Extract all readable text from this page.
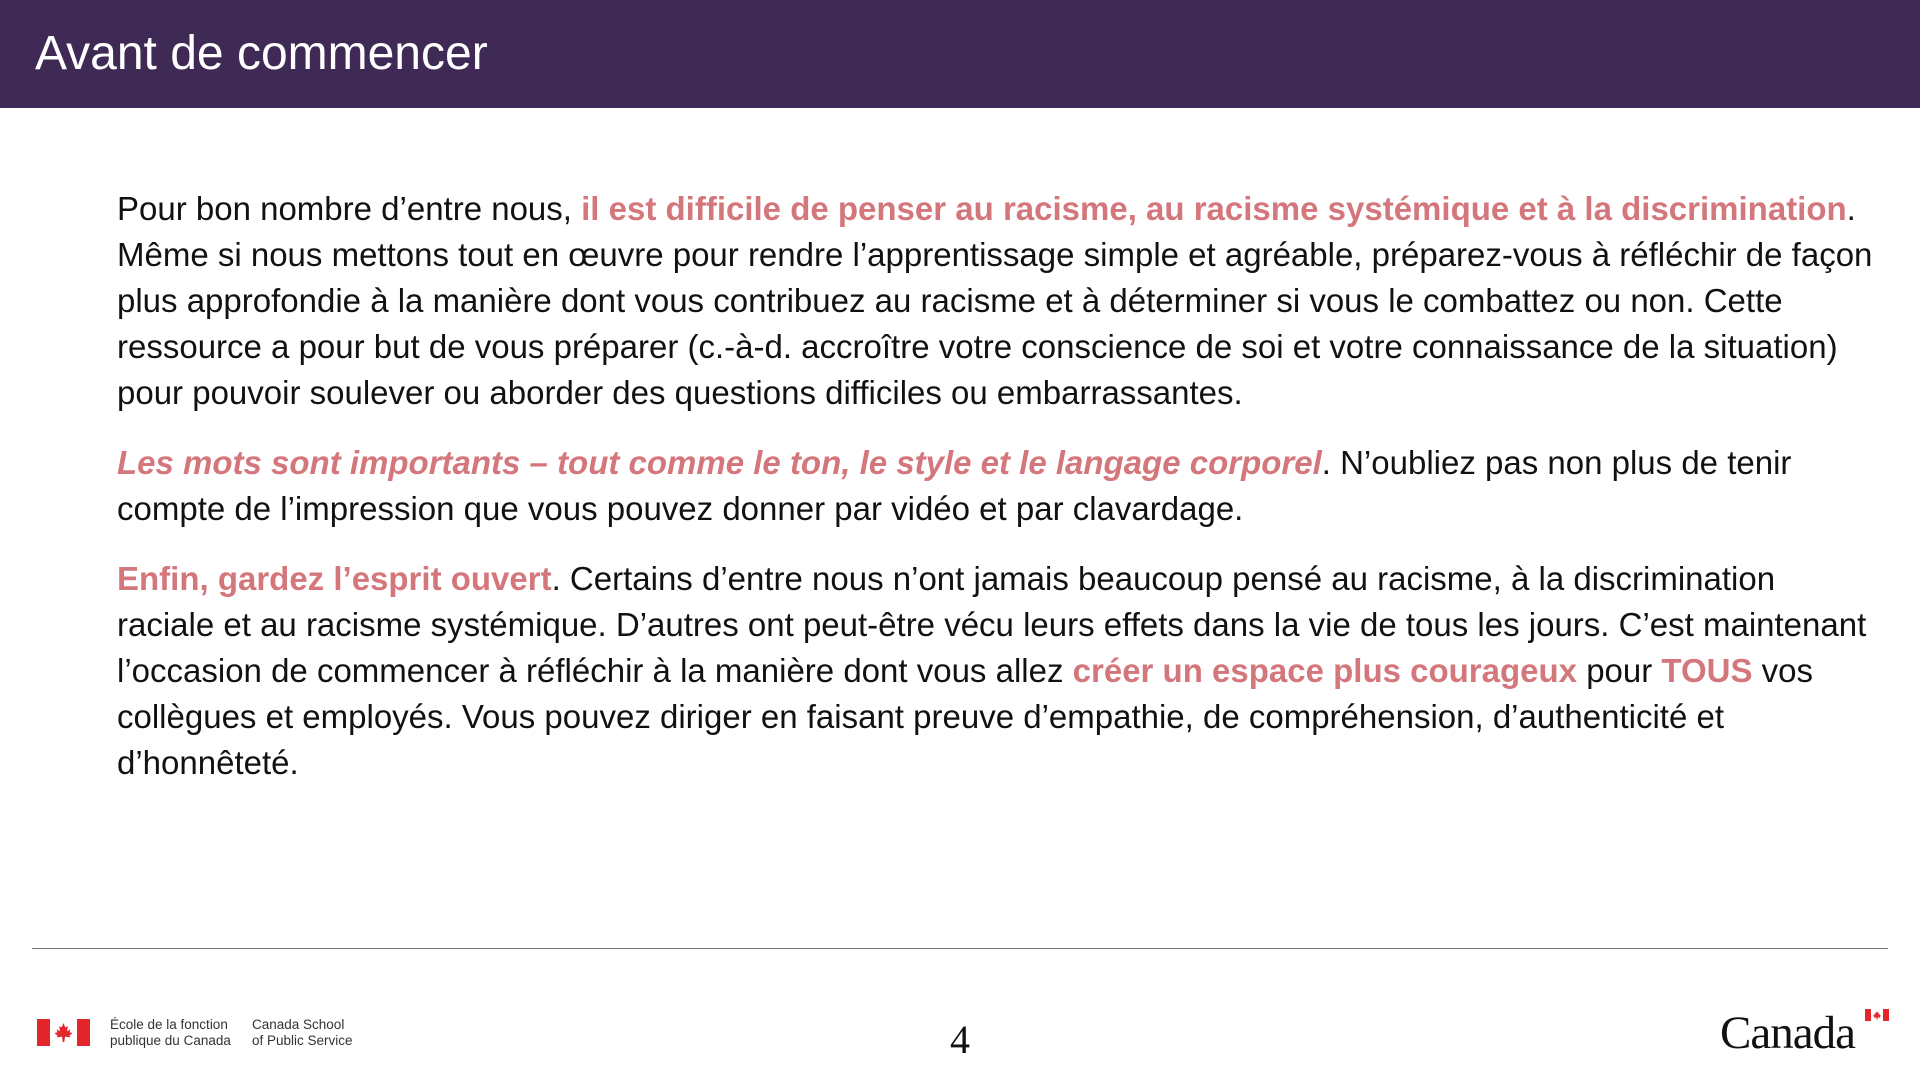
Avant de commencer

Pour bon nombre d’entre nous, il est difficile de penser au racisme, au racisme systémique et à la discrimination. Même si nous mettons tout en œuvre pour rendre l’apprentissage simple et agréable, préparez‑vous à réfléchir de façon plus approfondie à la manière dont vous contribuez au racisme et à déterminer si vous le combattez ou non. Cette ressource a pour but de vous préparer (c.‑à‑d. accroître votre conscience de soi et votre connaissance de la situation) pour pouvoir soulever ou aborder des questions difficiles ou embarrassantes.

Les mots sont importants – tout comme le ton, le style et le langage corporel. N’oubliez pas non plus de tenir compte de l’impression que vous pouvez donner par vidéo et par clavardage.

Enfin, gardez l’esprit ouvert. Certains d’entre nous n’ont jamais beaucoup pensé au racisme, à la discrimination raciale et au racisme systémique. D’autres ont peut‑être vécu leurs effets dans la vie de tous les jours. C’est maintenant l’occasion de commencer à réfléchir à la manière dont vous allez créer un espace plus courageux pour TOUS vos collègues et employés. Vous pouvez diriger en faisant preuve d’empathie, de compréhension, d’authenticité et d’honnêteté.

École de la fonction
publique du Canada
Canada School
of Public Service	4	Canada
